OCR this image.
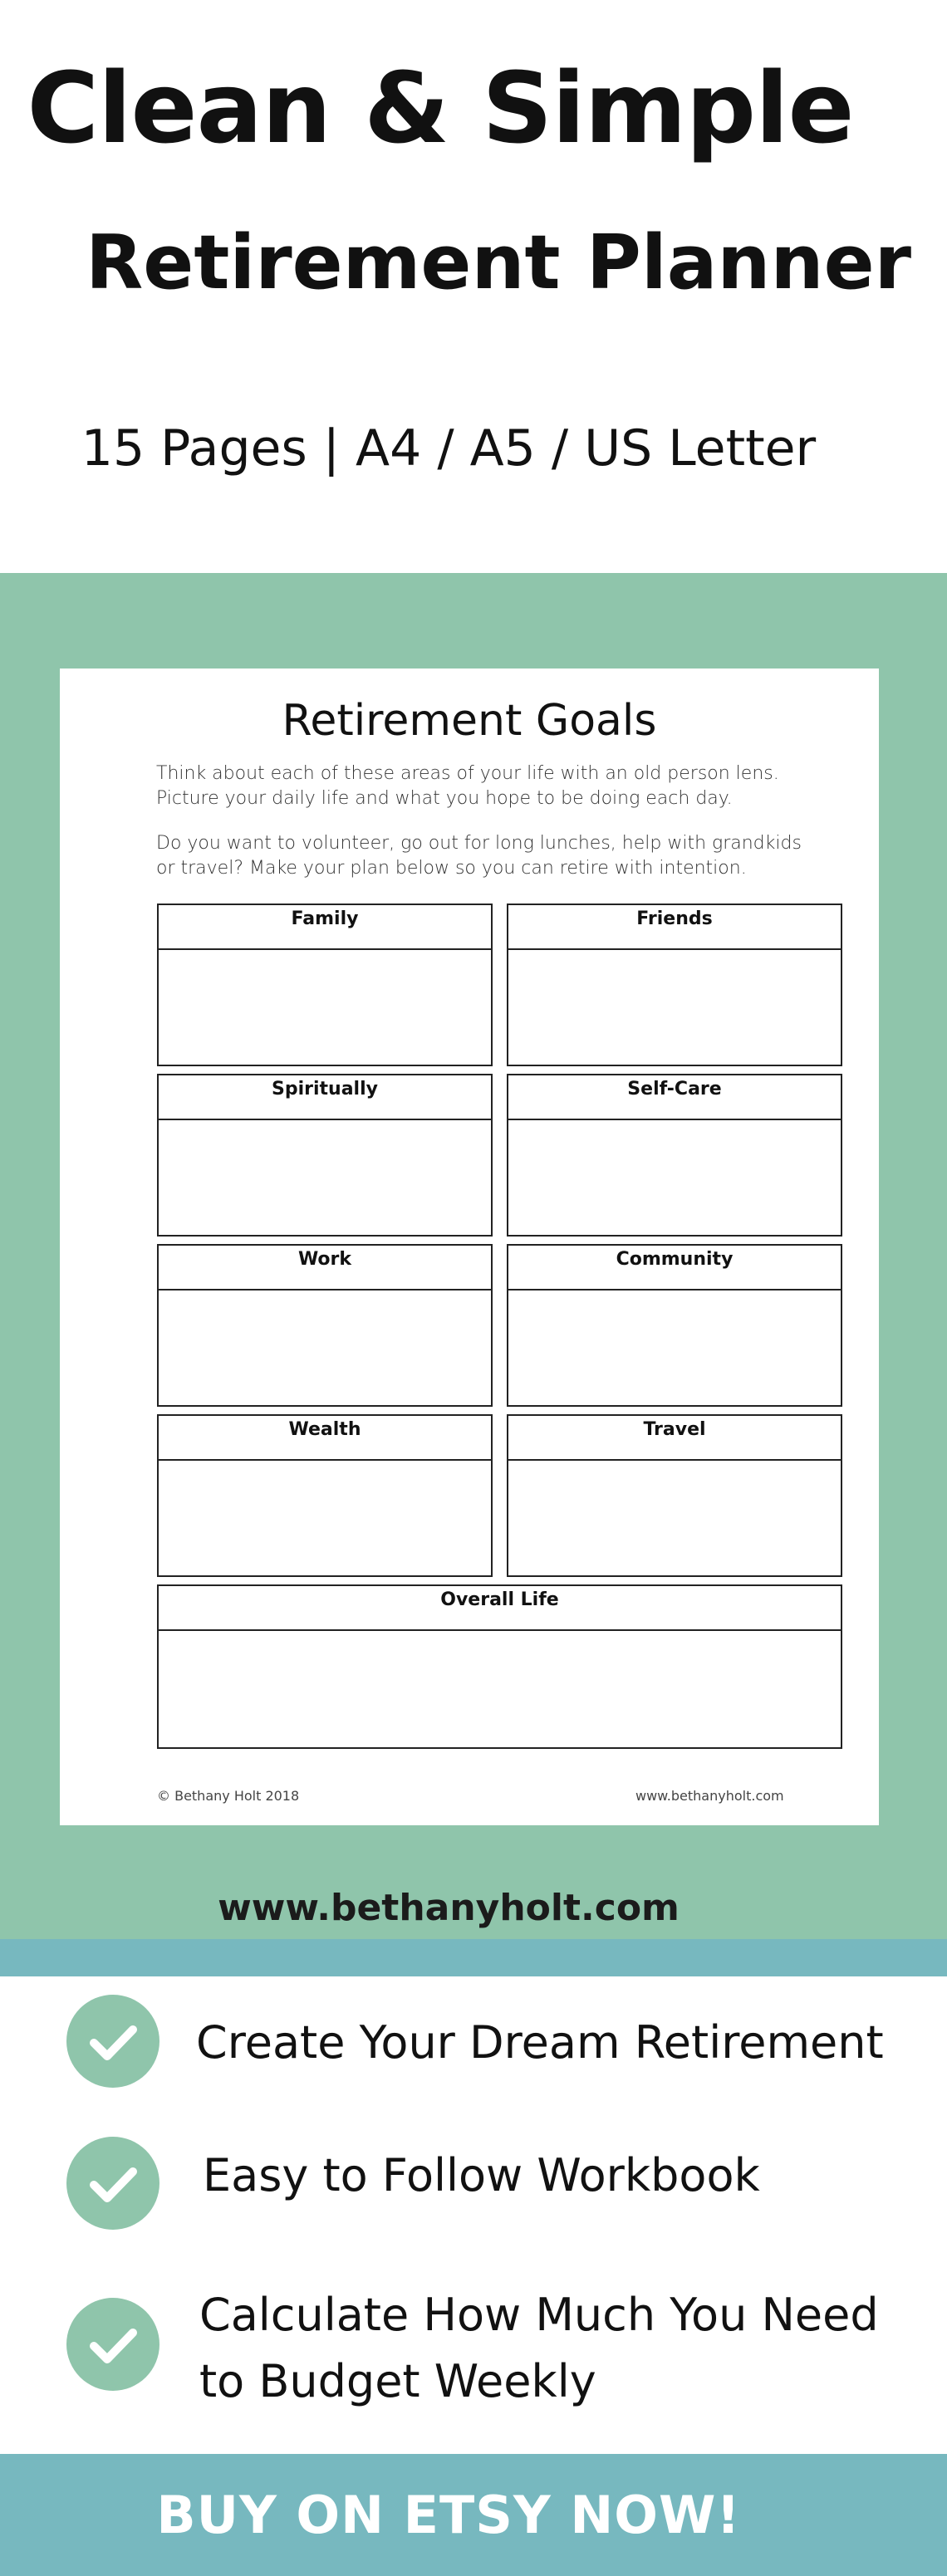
Clean & Simple
Retirement Planner
15 Pages | A4 / A5 / US Letter
Retirement Goals
Think about each of these areas of your life with an old person lens.
Picture your daily life and what you hope to be doing each day.
Do you want to volunteer, go out for long lunches, help with grandkids
or travel? Make your plan below so you can retire with intention.
Family	Friends
Spiritually	Self-Care
Work	Community
Wealth	Travel
Overall Life
© Bethany Holt 2018	www.bethanyholt.com
www.bethanyholt.com
Create Your Dream Retirement
Easy to Follow Workbook
Calculate How Much You Need
to Budget Weekly
BUY ON ETSY NOW!
